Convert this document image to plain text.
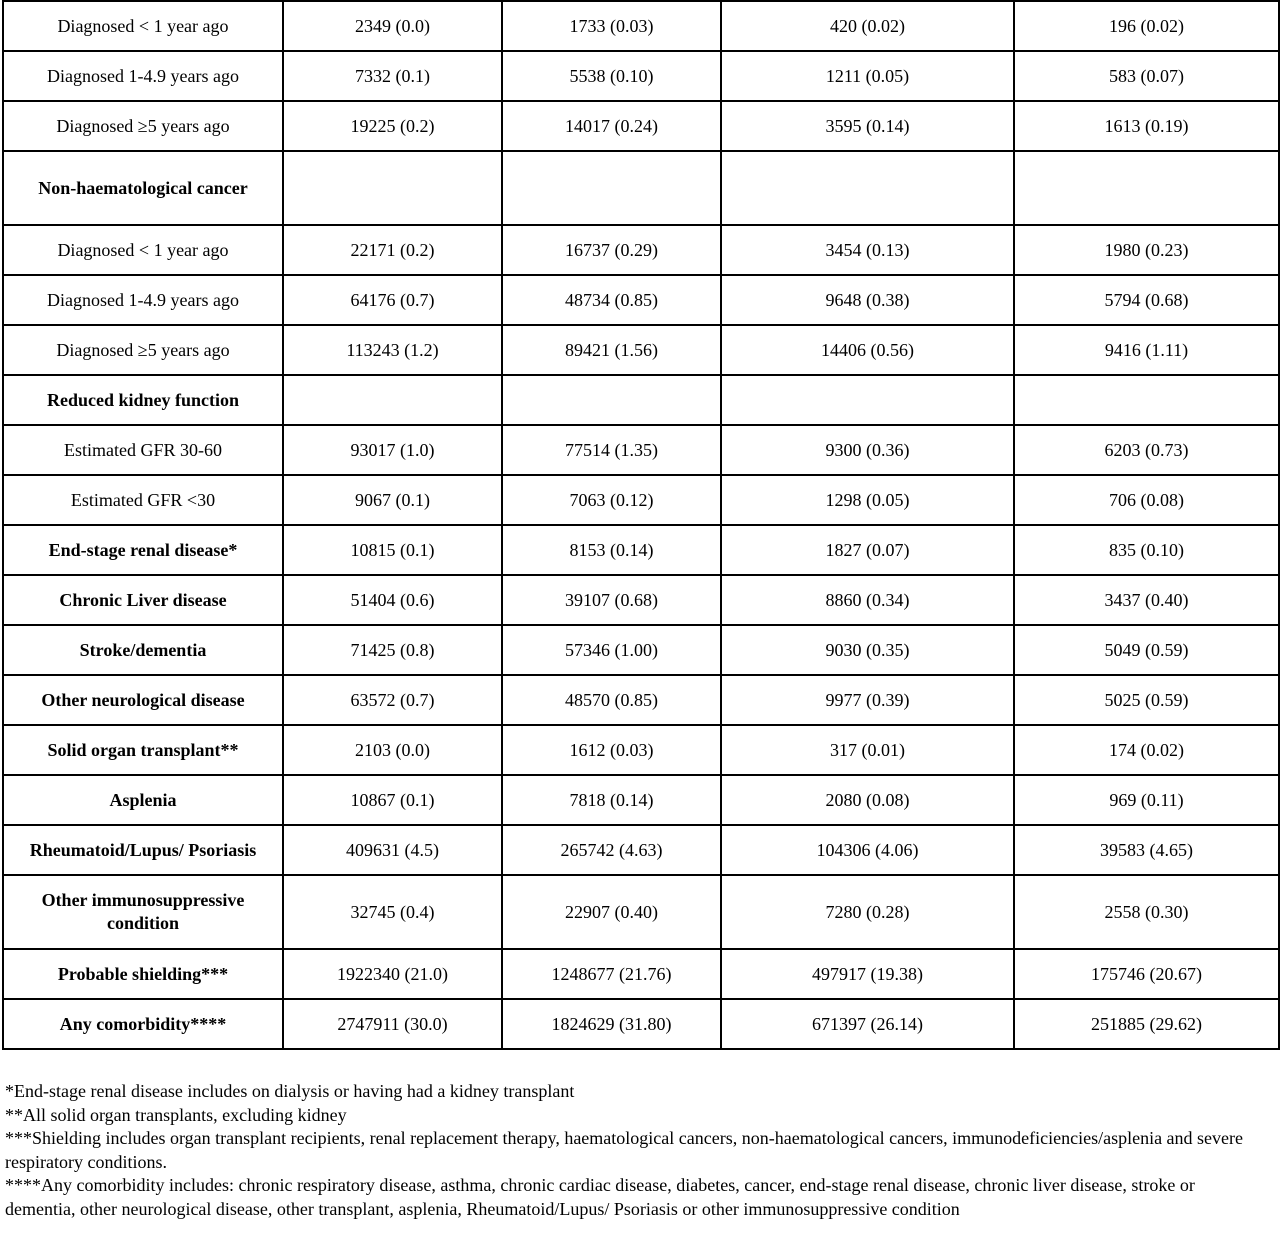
Diagnosed < 1 year ago	2349 (0.0)	1733 (0.03)	420 (0.02)	196 (0.02)
Diagnosed 1-4.9 years ago	7332 (0.1)	5538 (0.10)	1211 (0.05)	583 (0.07)
Diagnosed ≥5 years ago	19225 (0.2)	14017 (0.24)	3595 (0.14)	1613 (0.19)
Non-haematological cancer				
Diagnosed < 1 year ago	22171 (0.2)	16737 (0.29)	3454 (0.13)	1980 (0.23)
Diagnosed 1-4.9 years ago	64176 (0.7)	48734 (0.85)	9648 (0.38)	5794 (0.68)
Diagnosed ≥5 years ago	113243 (1.2)	89421 (1.56)	14406 (0.56)	9416 (1.11)
Reduced kidney function				
Estimated GFR 30-60	93017 (1.0)	77514 (1.35)	9300 (0.36)	6203 (0.73)
Estimated GFR <30	9067 (0.1)	7063 (0.12)	1298 (0.05)	706 (0.08)
End-stage renal disease*	10815 (0.1)	8153 (0.14)	1827 (0.07)	835 (0.10)
Chronic Liver disease	51404 (0.6)	39107 (0.68)	8860 (0.34)	3437 (0.40)
Stroke/dementia	71425 (0.8)	57346 (1.00)	9030 (0.35)	5049 (0.59)
Other neurological disease	63572 (0.7)	48570 (0.85)	9977 (0.39)	5025 (0.59)
Solid organ transplant**	2103 (0.0)	1612 (0.03)	317 (0.01)	174 (0.02)
Asplenia	10867 (0.1)	7818 (0.14)	2080 (0.08)	969 (0.11)
Rheumatoid/Lupus/ Psoriasis	409631 (4.5)	265742 (4.63)	104306 (4.06)	39583 (4.65)
Other immunosuppressive condition	32745 (0.4)	22907 (0.40)	7280 (0.28)	2558 (0.30)
Probable shielding***	1922340 (21.0)	1248677 (21.76)	497917 (19.38)	175746 (20.67)
Any comorbidity****	2747911 (30.0)	1824629 (31.80)	671397 (26.14)	251885 (29.62)

*End-stage renal disease includes on dialysis or having had a kidney transplant

**All solid organ transplants, excluding kidney

***Shielding includes organ transplant recipients, renal replacement therapy, haematological cancers, non-haematological cancers, immunodeficiencies/asplenia and severe respiratory conditions.

****Any comorbidity includes: chronic respiratory disease, asthma, chronic cardiac disease, diabetes, cancer, end-stage renal disease, chronic liver disease, stroke or dementia, other neurological disease, other transplant, asplenia, Rheumatoid/Lupus/ Psoriasis or other immunosuppressive condition
